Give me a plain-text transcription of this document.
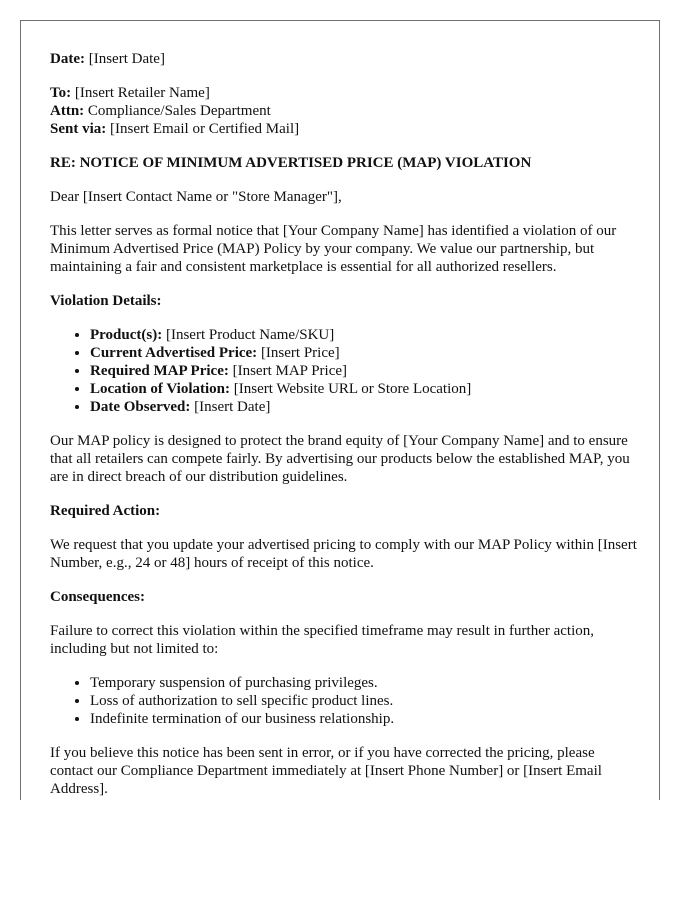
Date: [Insert Date]
To: [Insert Retailer Name]
Attn: Compliance/Sales Department
Sent via: [Insert Email or Certified Mail]
RE: NOTICE OF MINIMUM ADVERTISED PRICE (MAP) VIOLATION
Dear [Insert Contact Name or "Store Manager"],
This letter serves as formal notice that [Your Company Name] has identified a violation of our Minimum Advertised Price (MAP) Policy by your company. We value our partnership, but maintaining a fair and consistent marketplace is essential for all authorized resellers.
Violation Details:
• Product(s): [Insert Product Name/SKU]
• Current Advertised Price: [Insert Price]
• Required MAP Price: [Insert MAP Price]
• Location of Violation: [Insert Website URL or Store Location]
• Date Observed: [Insert Date]
Our MAP policy is designed to protect the brand equity of [Your Company Name] and to ensure that all retailers can compete fairly. By advertising our products below the established MAP, you are in direct breach of our distribution guidelines.
Required Action:
We request that you update your advertised pricing to comply with our MAP Policy within [Insert Number, e.g., 24 or 48] hours of receipt of this notice.
Consequences:
Failure to correct this violation within the specified timeframe may result in further action, including but not limited to:
• Temporary suspension of purchasing privileges.
• Loss of authorization to sell specific product lines.
• Indefinite termination of our business relationship.
If you believe this notice has been sent in error, or if you have corrected the pricing, please contact our Compliance Department immediately at [Insert Phone Number] or [Insert Email Address].
